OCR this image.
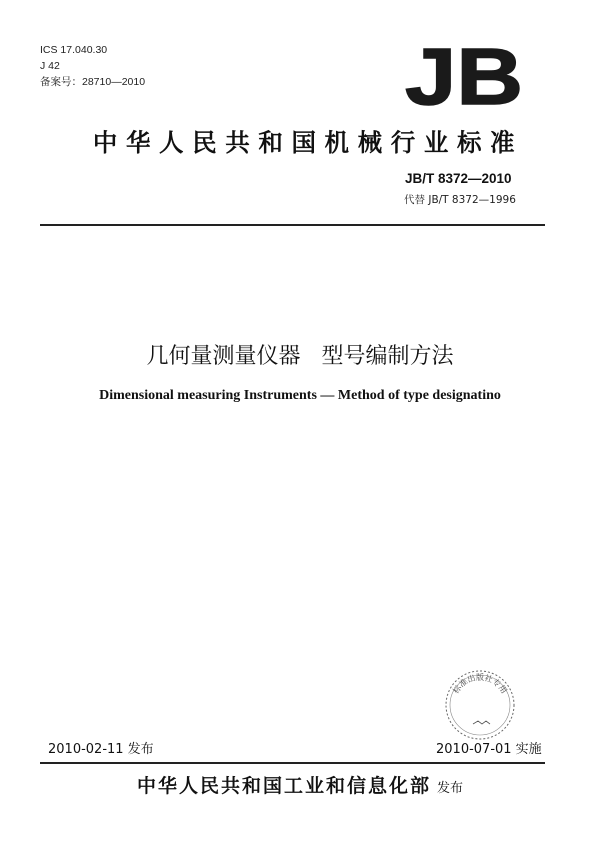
ICS 17.040.30
J 42
备案号：28710—2010	JB
中华人民共和国机械行业标准
JB/T 8372—2010
代替 JB/T 8372—1996
几何量测量仪器   型号编制方法
Dimensional measuring Instruments — Method of type designatino
标准出版社专用
2010-02-11 发布	2010-07-01 实施
中华人民共和国工业和信息化部 发布
